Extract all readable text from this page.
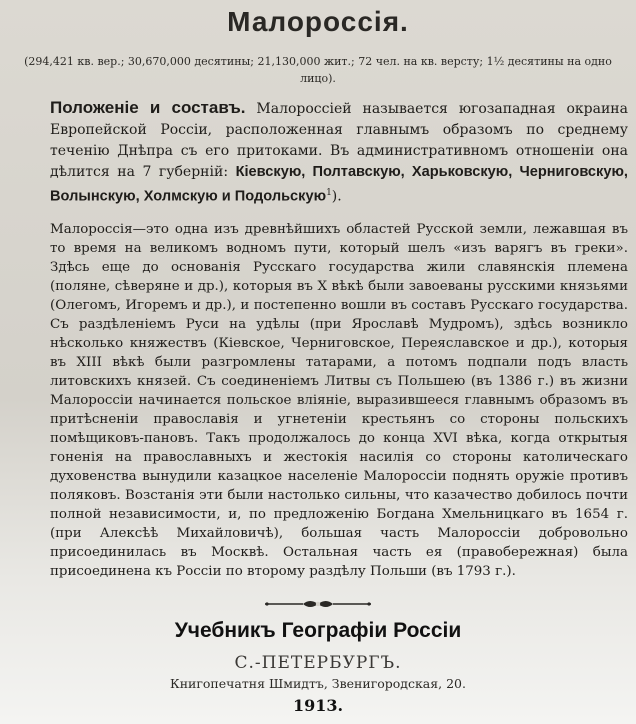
Малороссія.
(294,421 кв. вер.; 30,670,000 десятины; 21,130,000 жит.; 72 чел. на кв. версту; 1½ десятины на одно лицо).

Положеніе и составъ. Малороссіей называется югозападная окраина Европейской Россіи, расположенная главнымъ образомъ по среднему теченію Днѣпра съ его притоками. Въ административномъ отношеніи она дѣлится на 7 губерній: Кіевскую, Полтавскую, Харьковскую, Черниговскую, Волынскую, Холмскую и Подольскую$^1$).

Малороссія—это одна изъ древнѣйшихъ областей Русской земли, лежавшая въ то время на великомъ водномъ пути, который шелъ «изъ варягъ въ греки». Здѣсь еще до основанія Русскаго государства жили славянскія племена (поляне, сѣверяне и др.), которыя въ X вѣкѣ были завоеваны русскими князьями (Олегомъ, Игоремъ и др.), и постепенно вошли въ составъ Русскаго государства. Съ раздѣленіемъ Руси на удѣлы (при Ярославѣ Мудромъ), здѣсь возникло нѣсколько княжествъ (Кіевское, Черниговское, Переяславское и др.), которыя въ XIII вѣкѣ были разгромлены татарами, а потомъ подпали подъ власть литовскихъ князей. Съ соединеніемъ Литвы съ Польшею (въ 1386 г.) въ жизни Малороссіи начинается польское вліяніе, выразившееся главнымъ образомъ въ притѣсненіи православія и угнетеніи крестьянъ со стороны польскихъ помѣщиковъ-пановъ. Такъ продолжалось до конца XVI вѣка, когда открытыя гоненія на православныхъ и жестокія насилія со стороны католическаго духовенства вынудили казацкое населеніе Малороссіи поднять оружіе противъ поляковъ. Возстанія эти были настолько сильны, что казачество добилось почти полной независимости, и, по предложенію Богдана Хмельницкаго въ 1654 г. (при Алексѣѣ Михайловичѣ), большая часть Малороссіи добровольно присоединилась въ Москвѣ. Остальная часть ея (правобережная) была присоединена къ Россіи по второму раздѣлу Польши (въ 1793 г.).

Учебникъ Географіи Россіи
С.-ПЕТЕРБУРГЪ.
Книгопечатня Шмидтъ, Звенигородская, 20.
1913.
